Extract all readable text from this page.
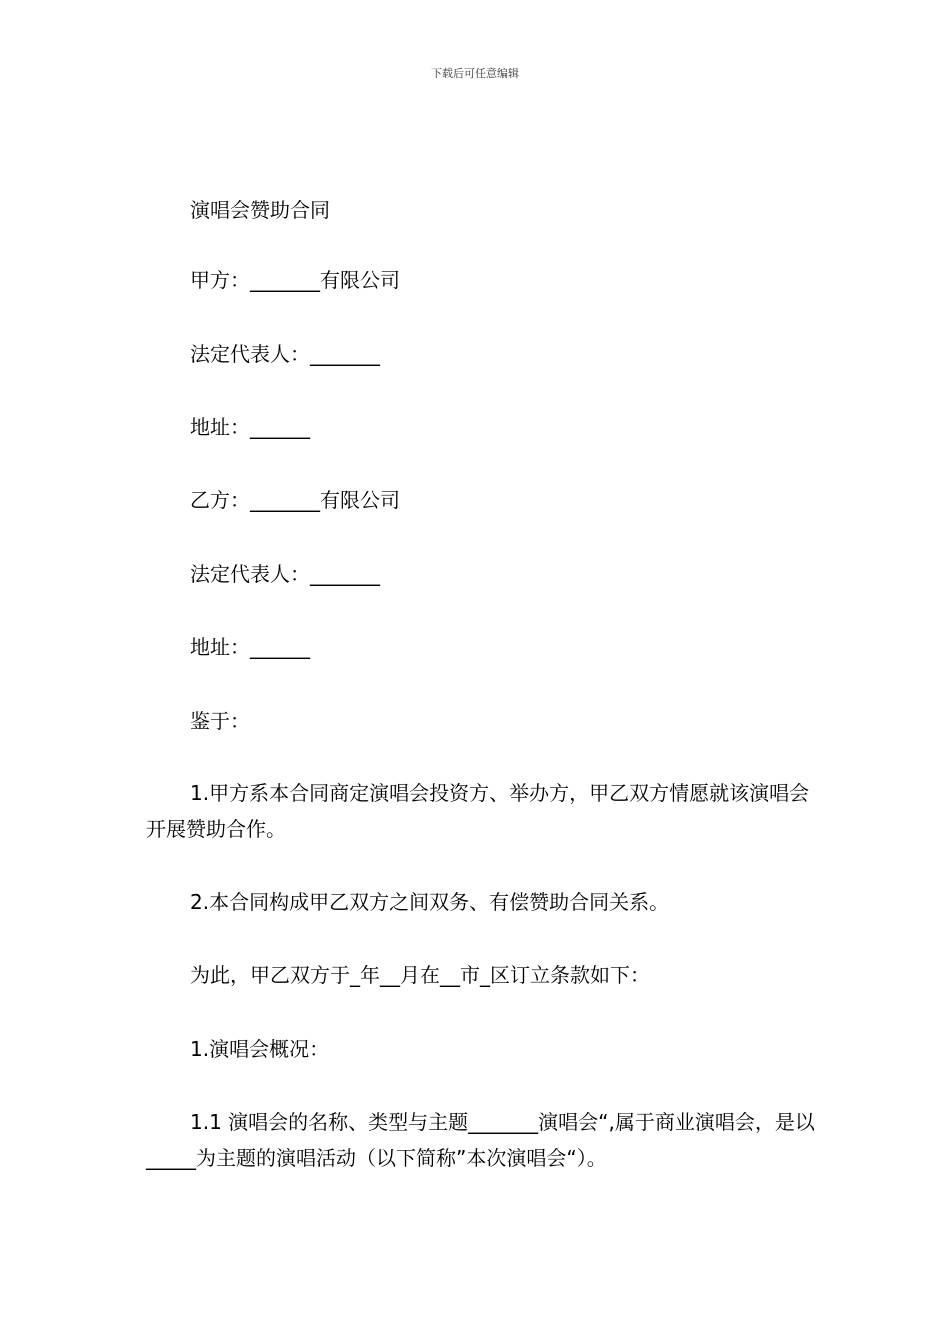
下载后可任意编辑
演唱会赞助合同
甲方：_______有限公司
法定代表人：_______
地址：______
乙方：_______有限公司
法定代表人：_______
地址：______
鉴于：
1.甲方系本合同商定演唱会投资方、举办方，甲乙双方情愿就该演唱会开展赞助合作。
2.本合同构成甲乙双方之间双务、有偿赞助合同关系。
为此，甲乙双方于_年__月在__市_区订立条款如下：
1.演唱会概况：
1.1 演唱会的名称、类型与主题_______演唱会“,属于商业演唱会，是以_____为主题的演唱活动（以下简称”本次演唱会“）。
